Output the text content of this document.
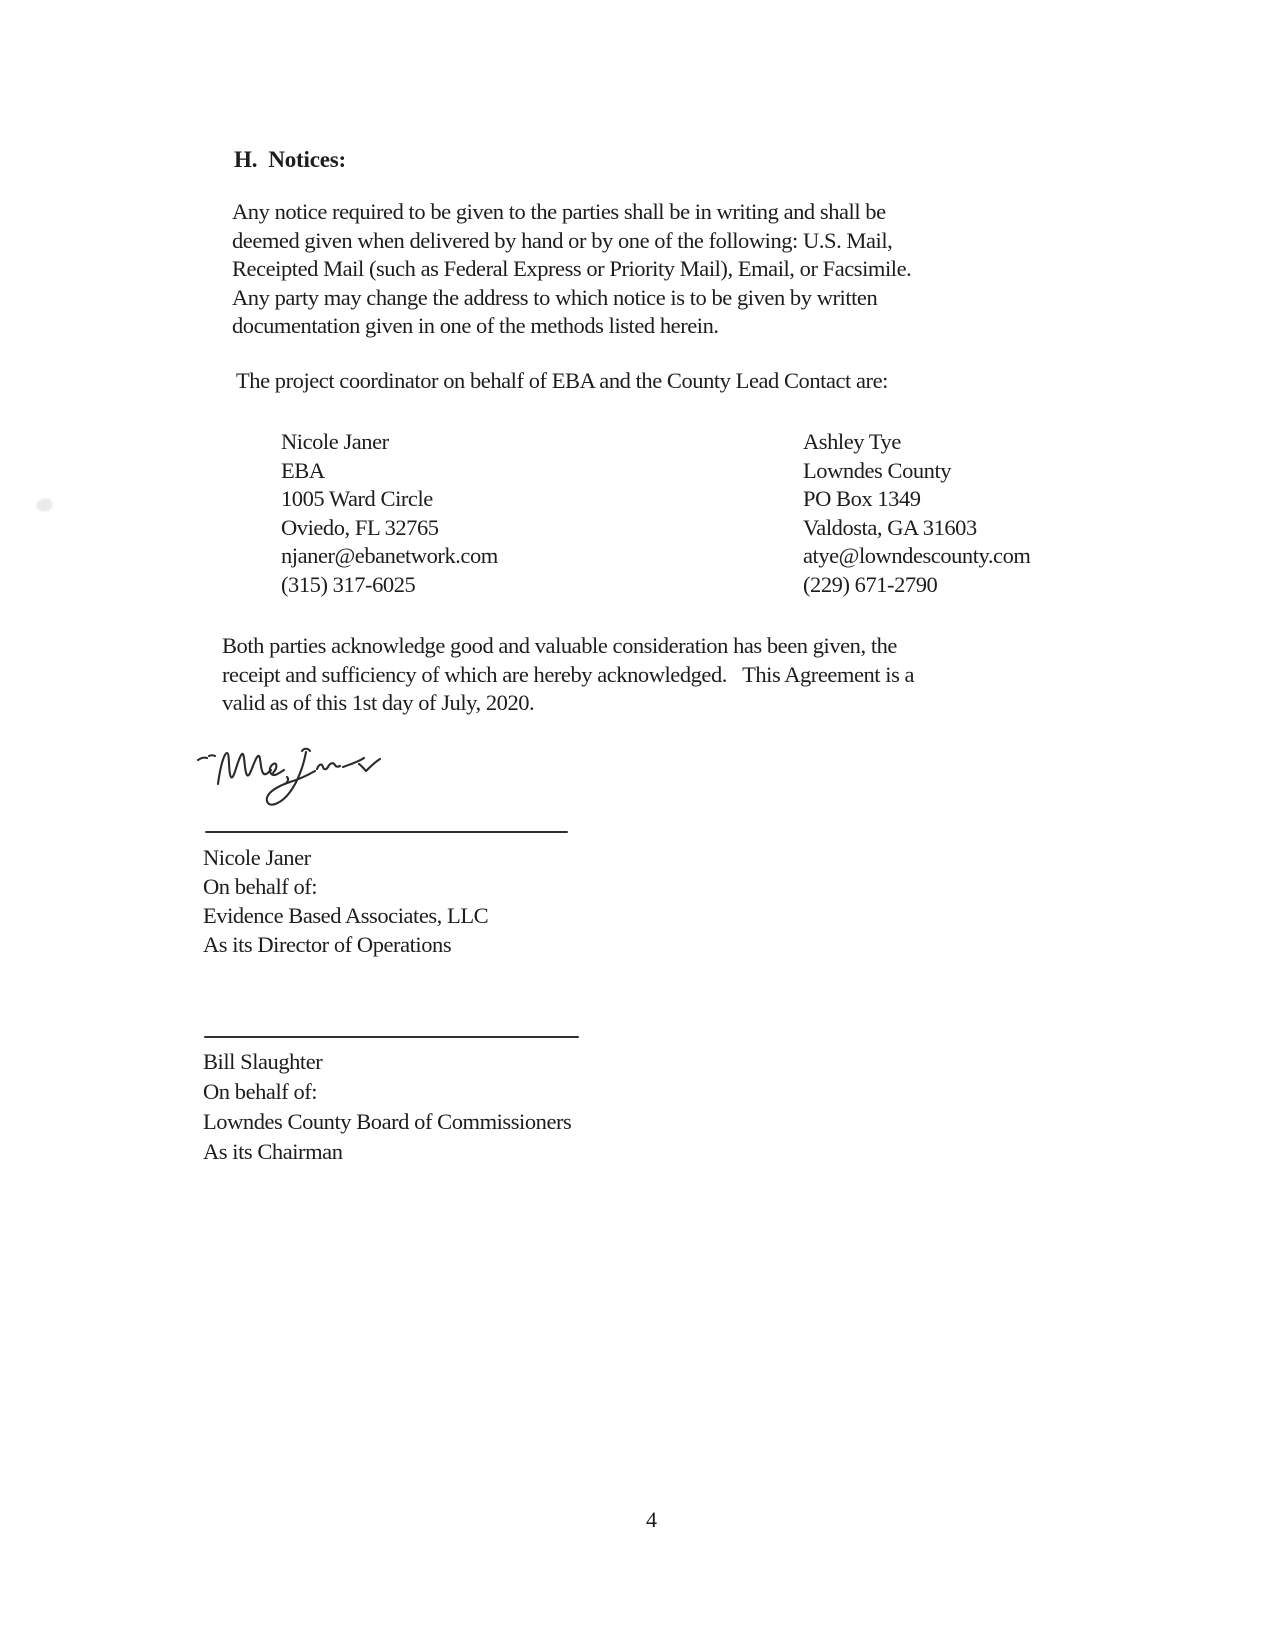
H.  Notices:
Any notice required to be given to the parties shall be in writing and shall be
deemed given when delivered by hand or by one of the following: U.S. Mail,
Receipted Mail (such as Federal Express or Priority Mail), Email, or Facsimile.
Any party may change the address to which notice is to be given by written
documentation given in one of the methods listed herein.
The project coordinator on behalf of EBA and the County Lead Contact are:
Nicole Janer
EBA
1005 Ward Circle
Oviedo, FL 32765
njaner@ebanetwork.com
(315) 317-6025
Ashley Tye
Lowndes County
PO Box 1349
Valdosta, GA 31603
atye@lowndescounty.com
(229) 671-2790
Both parties acknowledge good and valuable consideration has been given, the
receipt and sufficiency of which are hereby acknowledged.   This Agreement is a
valid as of this 1st day of July, 2020.
Nicole Janer
On behalf of:
Evidence Based Associates, LLC
As its Director of Operations
Bill Slaughter
On behalf of:
Lowndes County Board of Commissioners
As its Chairman
4
